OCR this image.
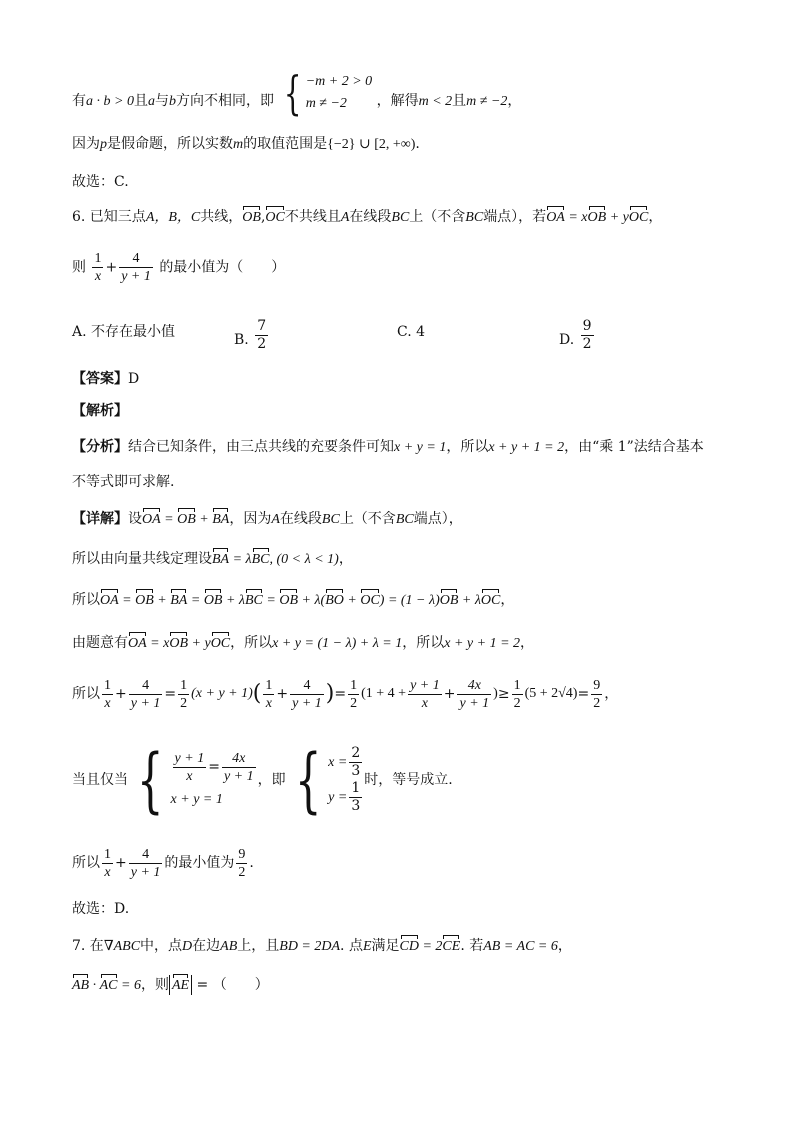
有a · b > 0且a与b方向不相同，即 { −m + 2 > 0
m ≠ −2	，解得m < 2且m ≠ −2，
因为p是假命题，所以实数m的取值范围是{−2} ∪ [2, +∞).
故选：C.
6. 已知三点A，B，C共线，OB,OC不共线且A在线段BC上（不含BC端点），若OA = xOB + yOC，
则 $\frac{1}{x} + \frac{4}{y + 1}$ 的最小值为（　　）
A. 不存在最小值	B. $\frac{7}{2}$	C. 4	D. $\frac{9}{2}$
【答案】D
【解析】
【分析】结合已知条件，由三点共线的充要条件可知x + y = 1，所以x + y + 1 = 2，由“乘 1”法结合基本
不等式即可求解.
【详解】设OA = OB + BA，因为A在线段BC上（不含BC端点），
所以由向量共线定理设BA = λBC, (0 < λ < 1)，
所以OA = OB + BA = OB + λBC = OB + λ(BO + OC) = (1 − λ)OB + λOC，
由题意有OA = xOB + yOC，所以x + y = (1 − λ) + λ = 1，所以x + y + 1 = 2，
所以 $\frac{1}{x} + \frac{4}{y + 1} = \frac{1}{2} (x + y + 1)$ ( $\frac{1}{x} + \frac{4}{y + 1}$ ) = $\frac{1}{2} (1 + 4 + \frac{y + 1}{x} + \frac{4x}{y + 1}$ ) ≥ $\frac{1}{2} (5 + 2√4) = \frac{9}{2}$ ，
当且仅当 { $\frac{y + 1}{x} = \frac{4x}{y + 1}$
x + y = 1
，即 { $x = \frac{2}{3}$
$y = \frac{1}{3}$ 时，等号成立.
所以 $\frac{1}{x} + \frac{4}{y + 1}$ 的最小值为 $\frac{9}{2}$ .
故选：D.
7. 在∇ABC中，点D在边AB上，且BD = 2DA. 点E满足CD = 2CE. 若AB = AC = 6，
AB · AC = 6，则 AE = （　　）
